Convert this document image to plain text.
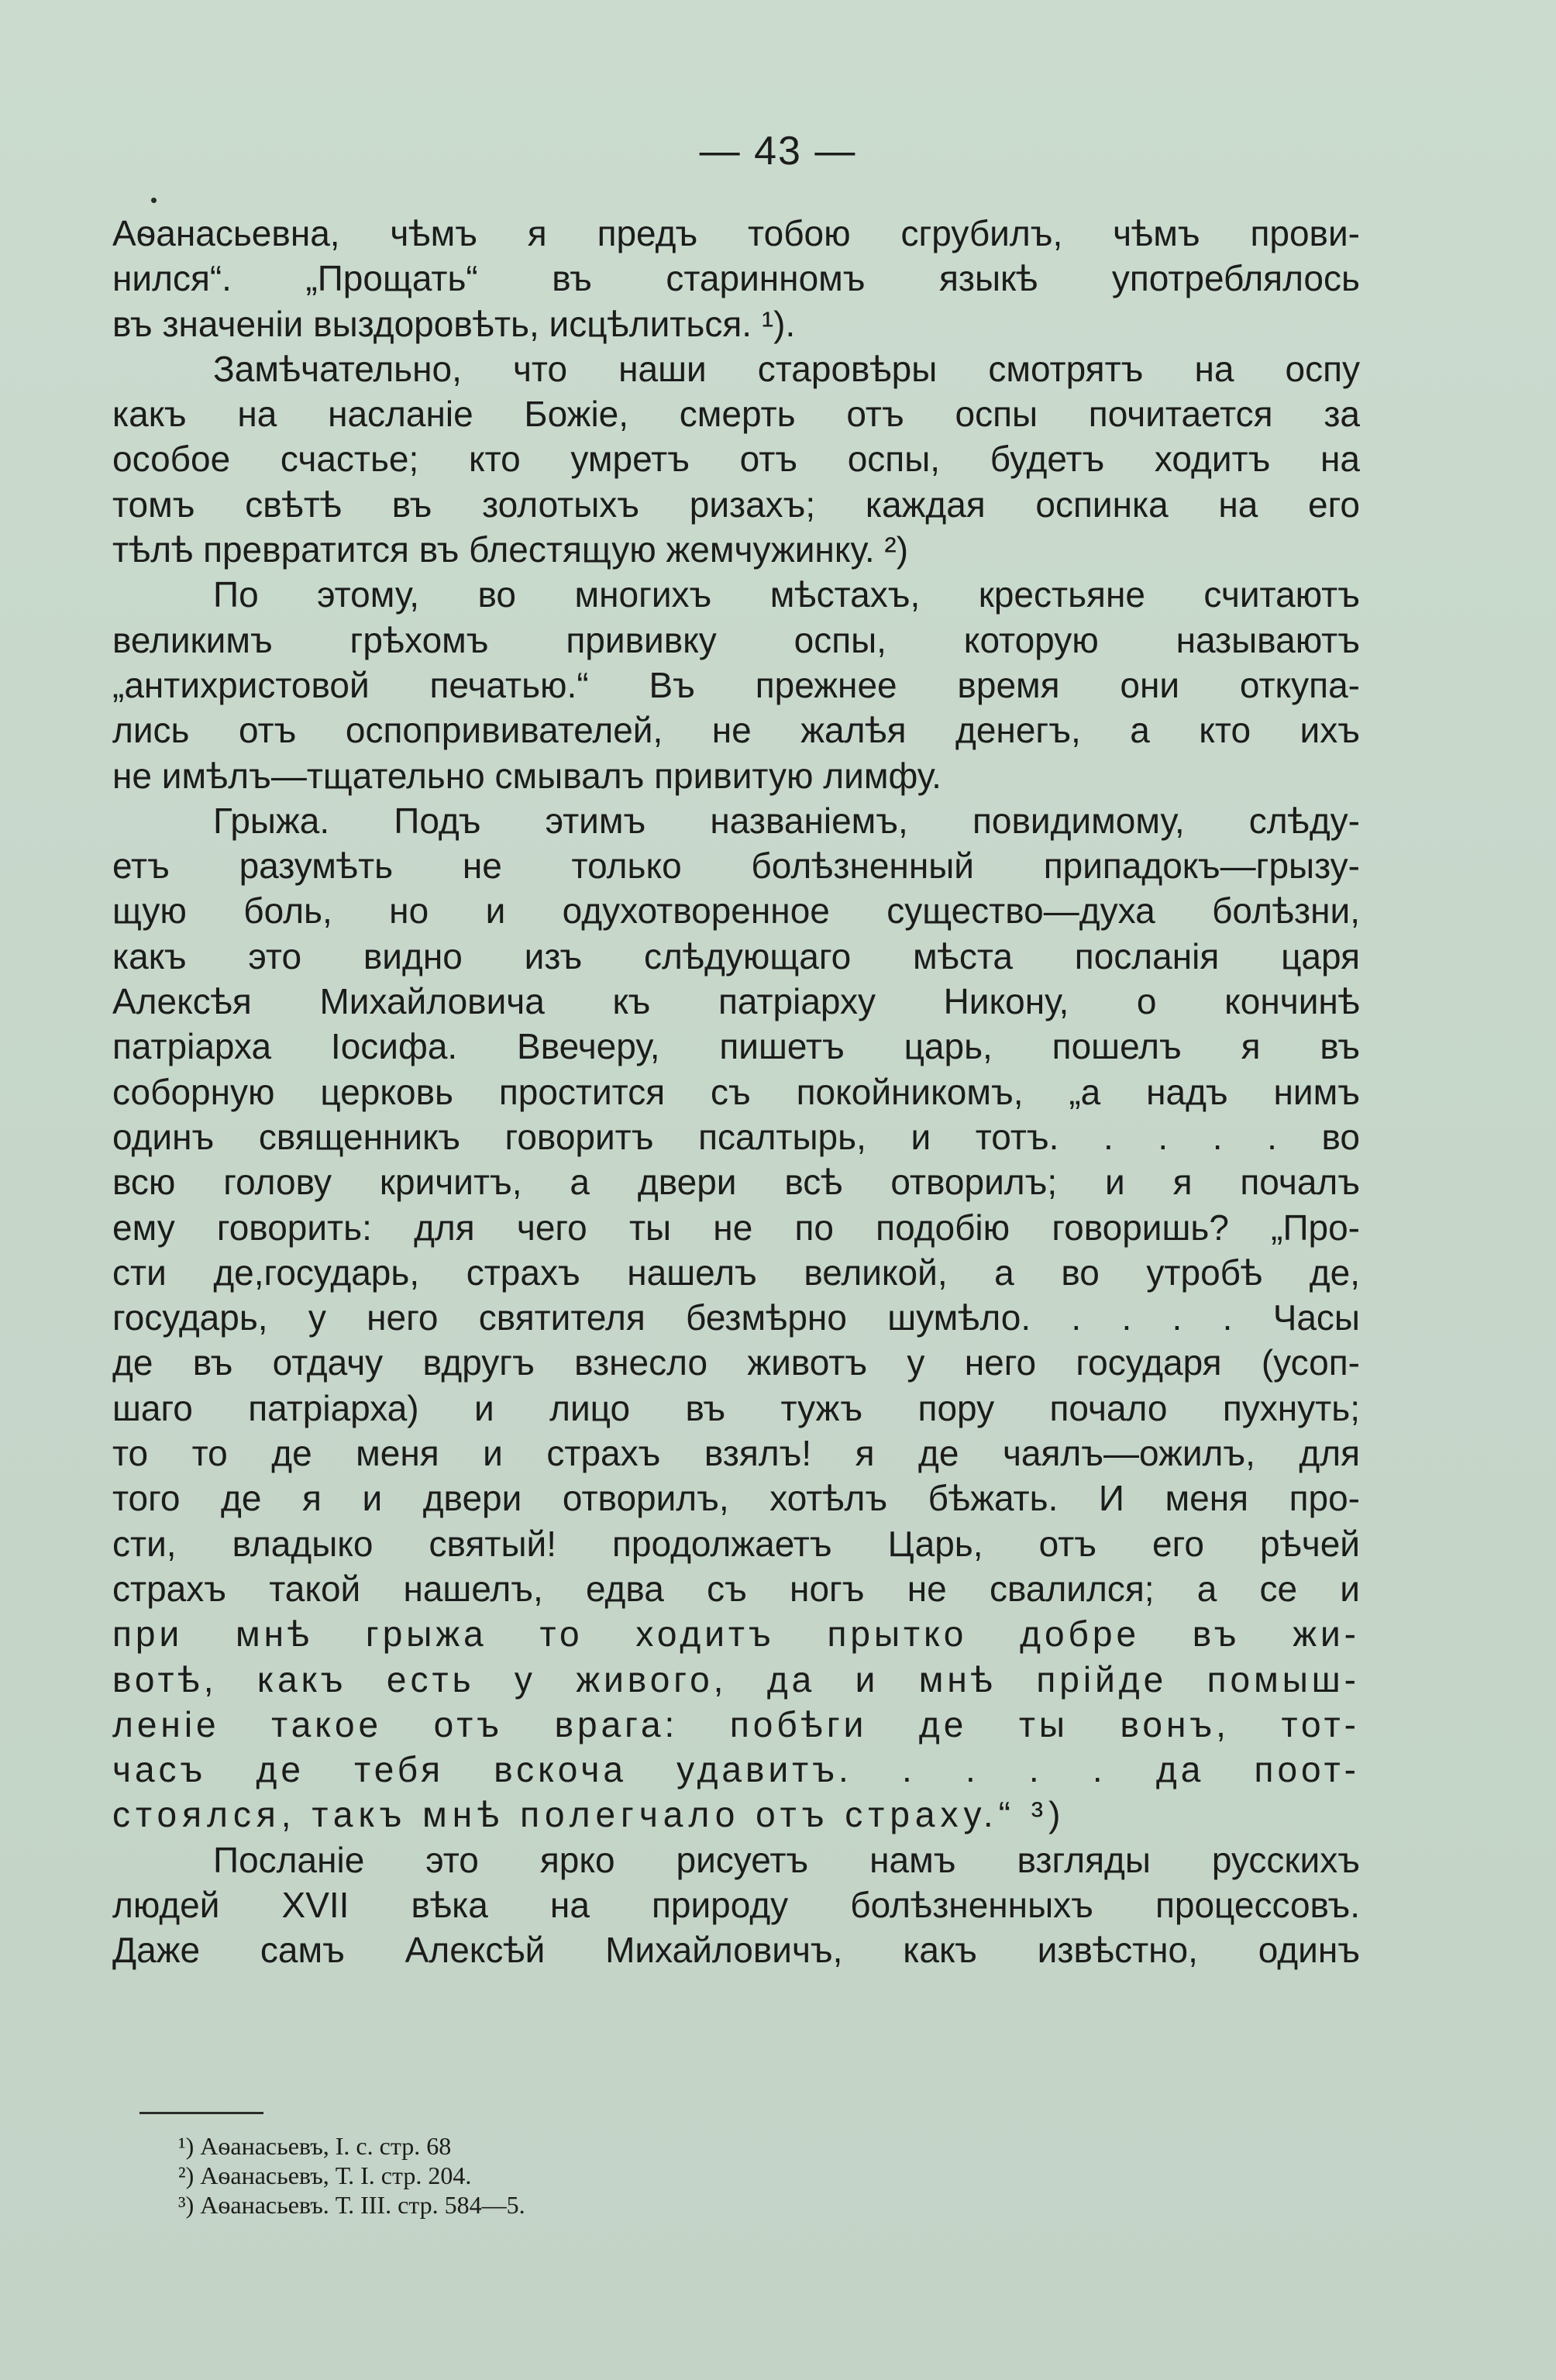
— 43 —
Аѳанасьевна, чѣмъ я предъ тобою сгрубилъ, чѣмъ прови-
нился“. „Прощать“ въ старинномъ языкѣ употреблялось
въ значеніи выздоровѣть, исцѣлиться. ¹).
Замѣчательно, что наши старовѣры смотрятъ на оспу
какъ на насланіе Божіе, смерть отъ оспы почитается за
особое счастье; кто умретъ отъ оспы, будетъ ходитъ на
томъ свѣтѣ въ золотыхъ ризахъ; каждая оспинка на его
тѣлѣ превратится въ блестящую жемчужинку. ²)
По этому, во многихъ мѣстахъ, крестьяне считаютъ
великимъ грѣхомъ прививку оспы, которую называютъ
„антихристовой печатью.“ Въ прежнее время они откупа-
лись отъ оспопрививателей, не жалѣя денегъ, а кто ихъ
не имѣлъ—тщательно смывалъ привитую лимфу.
Грыжа. Подъ этимъ названіемъ, повидимому, слѣду-
етъ разумѣть не только болѣзненный припадокъ—грызу-
щую боль, но и одухотворенное существо—духа болѣзни,
какъ это видно изъ слѣдующаго мѣста посланія царя
Алексѣя Михайловича къ патріарху Никону, о кончинѣ
патріарха Іосифа. Ввечеру, пишетъ царь, пошелъ я въ
соборную церковь простится съ покойникомъ, „а надъ нимъ
одинъ священникъ говоритъ псалтырь, и тотъ. . . . . во
всю голову кричитъ, а двери всѣ отворилъ; и я почалъ
ему говорить: для чего ты не по подобію говоришь? „Про-
сти де,государь, страхъ нашелъ великой, а во утробѣ де,
государь, у него святителя безмѣрно шумѣло. . . . . Часы
де въ отдачу вдругъ взнесло животъ у него государя (усоп-
шаго патріарха) и лицо въ тужъ пору почало пухнуть;
то то де меня и страхъ взялъ! я де чаялъ—ожилъ, для
того де я и двери отворилъ, хотѣлъ бѣжать. И меня про-
сти, владыко святый! продолжаетъ Царь, отъ его рѣчей
страхъ такой нашелъ, едва съ ногъ не свалился; а се и
при мнѣ грыжа то ходитъ прытко добре въ жи-
вотѣ, какъ есть у живого, да и мнѣ прійде помыш-
леніе такое отъ врага: побѣги де ты вонъ, тот-
часъ де тебя вскоча удавитъ. . . . . да поот-
стоялся, такъ мнѣ полегчало отъ страху.“ ³)
Посланіе это ярко рисуетъ намъ взгляды русскихъ
людей XVII вѣка на природу болѣзненныхъ процессовъ.
Даже самъ Алексѣй Михайловичъ, какъ извѣстно, одинъ
¹) Аѳанасьевъ, I. с. стр. 68
²) Аѳанасьевъ, Т. I. стр. 204.
³) Аѳанасьевъ. Т. III. стр. 584—5.
